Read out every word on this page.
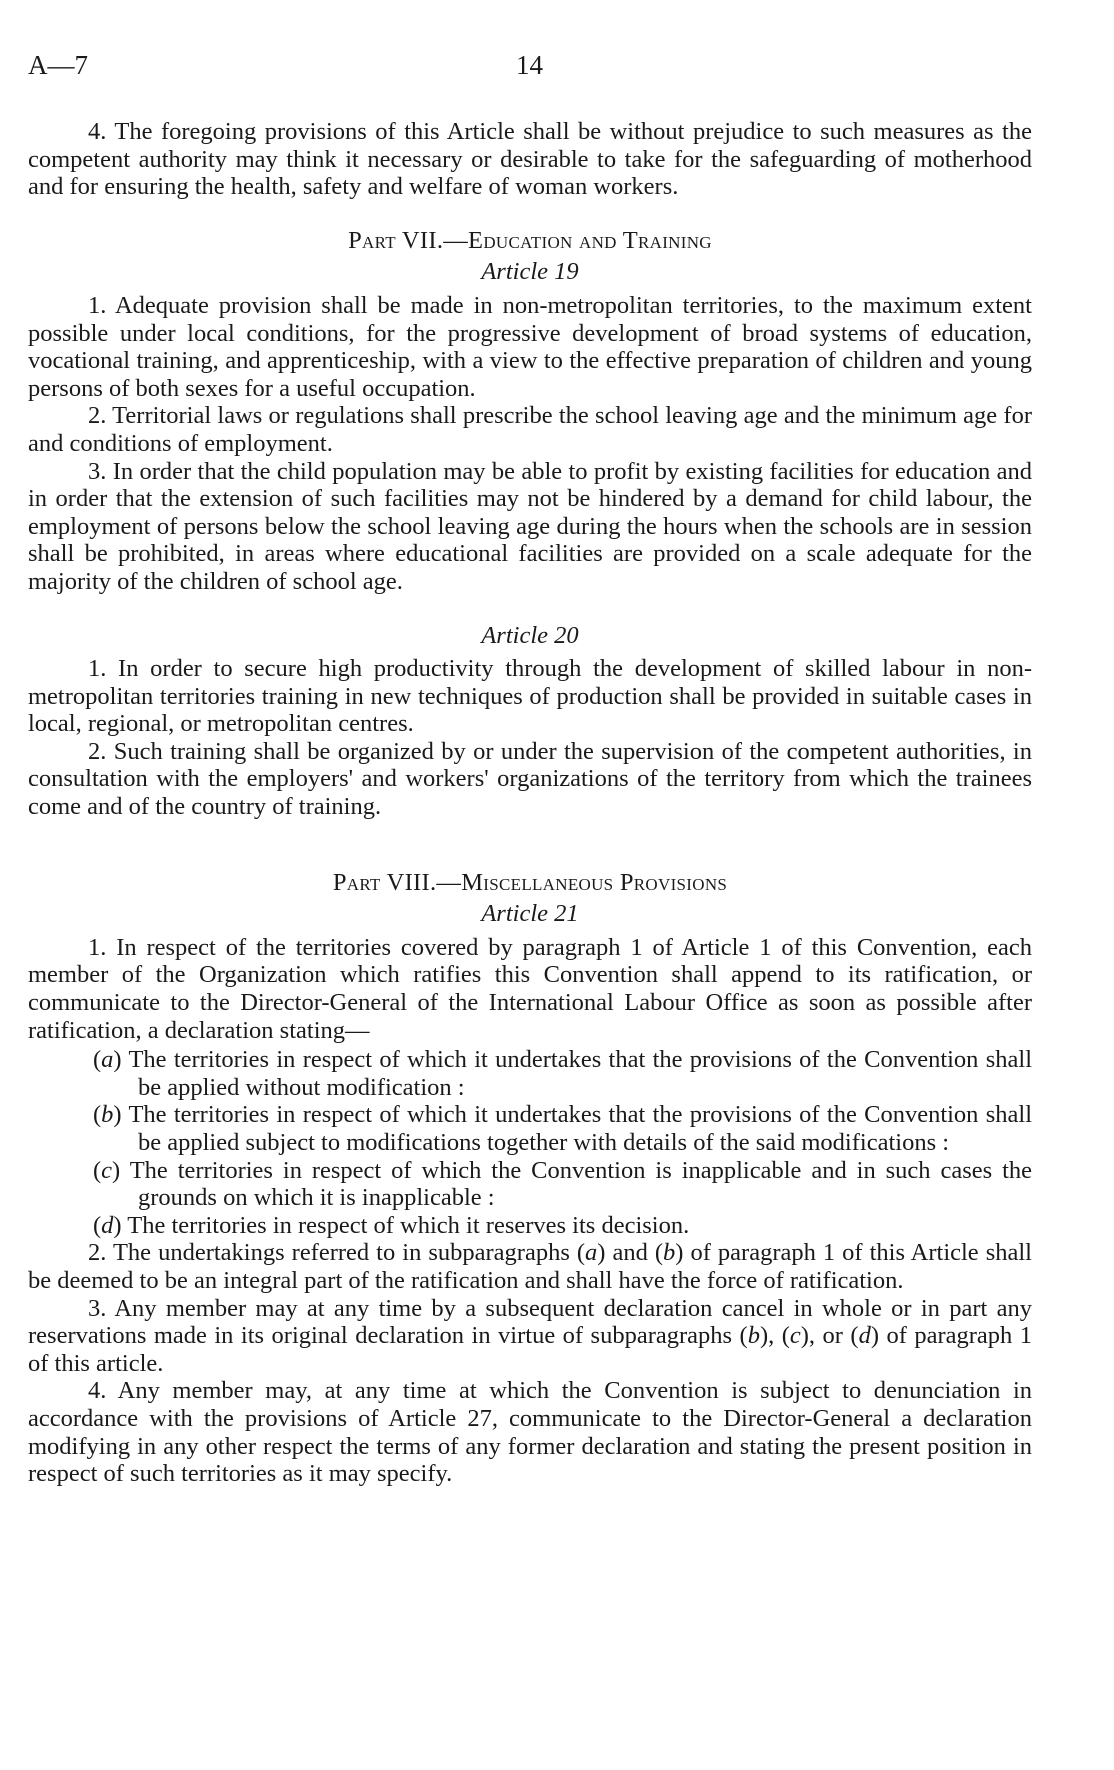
A—7	14

4. The foregoing provisions of this Article shall be without prejudice to such measures as the competent authority may think it necessary or desirable to take for the safeguarding of motherhood and for ensuring the health, safety and welfare of woman workers.

Part VII.—Education and Training
Article 19

1. Adequate provision shall be made in non-metropolitan territories, to the maximum extent possible under local conditions, for the progressive development of broad systems of education, vocational training, and apprenticeship, with a view to the effective preparation of children and young persons of both sexes for a useful occupation.

2. Territorial laws or regulations shall prescribe the school leaving age and the minimum age for and conditions of employment.

3. In order that the child population may be able to profit by existing facilities for education and in order that the extension of such facilities may not be hindered by a demand for child labour, the employment of persons below the school leaving age during the hours when the schools are in session shall be prohibited, in areas where educational facilities are provided on a scale adequate for the majority of the children of school age.

Article 20

1. In order to secure high productivity through the development of skilled labour in non-metropolitan territories training in new techniques of production shall be provided in suitable cases in local, regional, or metropolitan centres.

2. Such training shall be organized by or under the supervision of the competent authorities, in consultation with the employers' and workers' organizations of the territory from which the trainees come and of the country of training.

Part VIII.—Miscellaneous Provisions
Article 21

1. In respect of the territories covered by paragraph 1 of Article 1 of this Convention, each member of the Organization which ratifies this Convention shall append to its ratification, or communicate to the Director-General of the International Labour Office as soon as possible after ratification, a declaration stating—

(a) The territories in respect of which it undertakes that the provisions of the Convention shall be applied without modification :
(b) The territories in respect of which it undertakes that the provisions of the Convention shall be applied subject to modifications together with details of the said modifications :
(c) The territories in respect of which the Convention is inapplicable and in such cases the grounds on which it is inapplicable :
(d) The territories in respect of which it reserves its decision.

2. The undertakings referred to in subparagraphs (a) and (b) of paragraph 1 of this Article shall be deemed to be an integral part of the ratification and shall have the force of ratification.

3. Any member may at any time by a subsequent declaration cancel in whole or in part any reservations made in its original declaration in virtue of subparagraphs (b), (c), or (d) of paragraph 1 of this article.

4. Any member may, at any time at which the Convention is subject to denunciation in accordance with the provisions of Article 27, communicate to the Director-General a declaration modifying in any other respect the terms of any former declaration and stating the present position in respect of such territories as it may specify.
